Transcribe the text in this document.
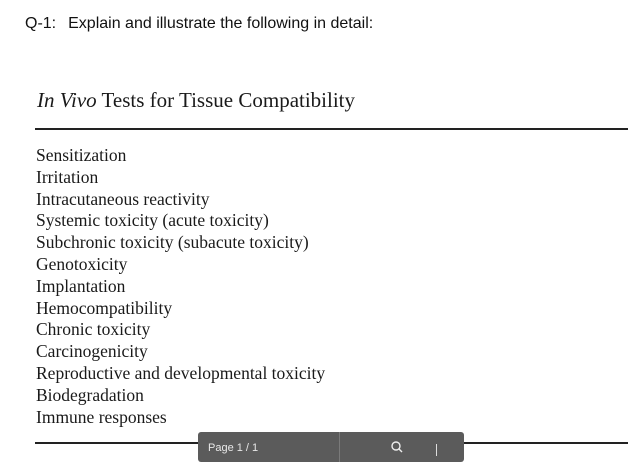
Q-1: Explain and illustrate the following in detail:
In Vivo Tests for Tissue Compatibility
Sensitization
Irritation
Intracutaneous reactivity
Systemic toxicity (acute toxicity)
Subchronic toxicity (subacute toxicity)
Genotoxicity
Implantation
Hemocompatibility
Chronic toxicity
Carcinogenicity
Reproductive and developmental toxicity
Biodegradation
Immune responses
Page 1 / 1
